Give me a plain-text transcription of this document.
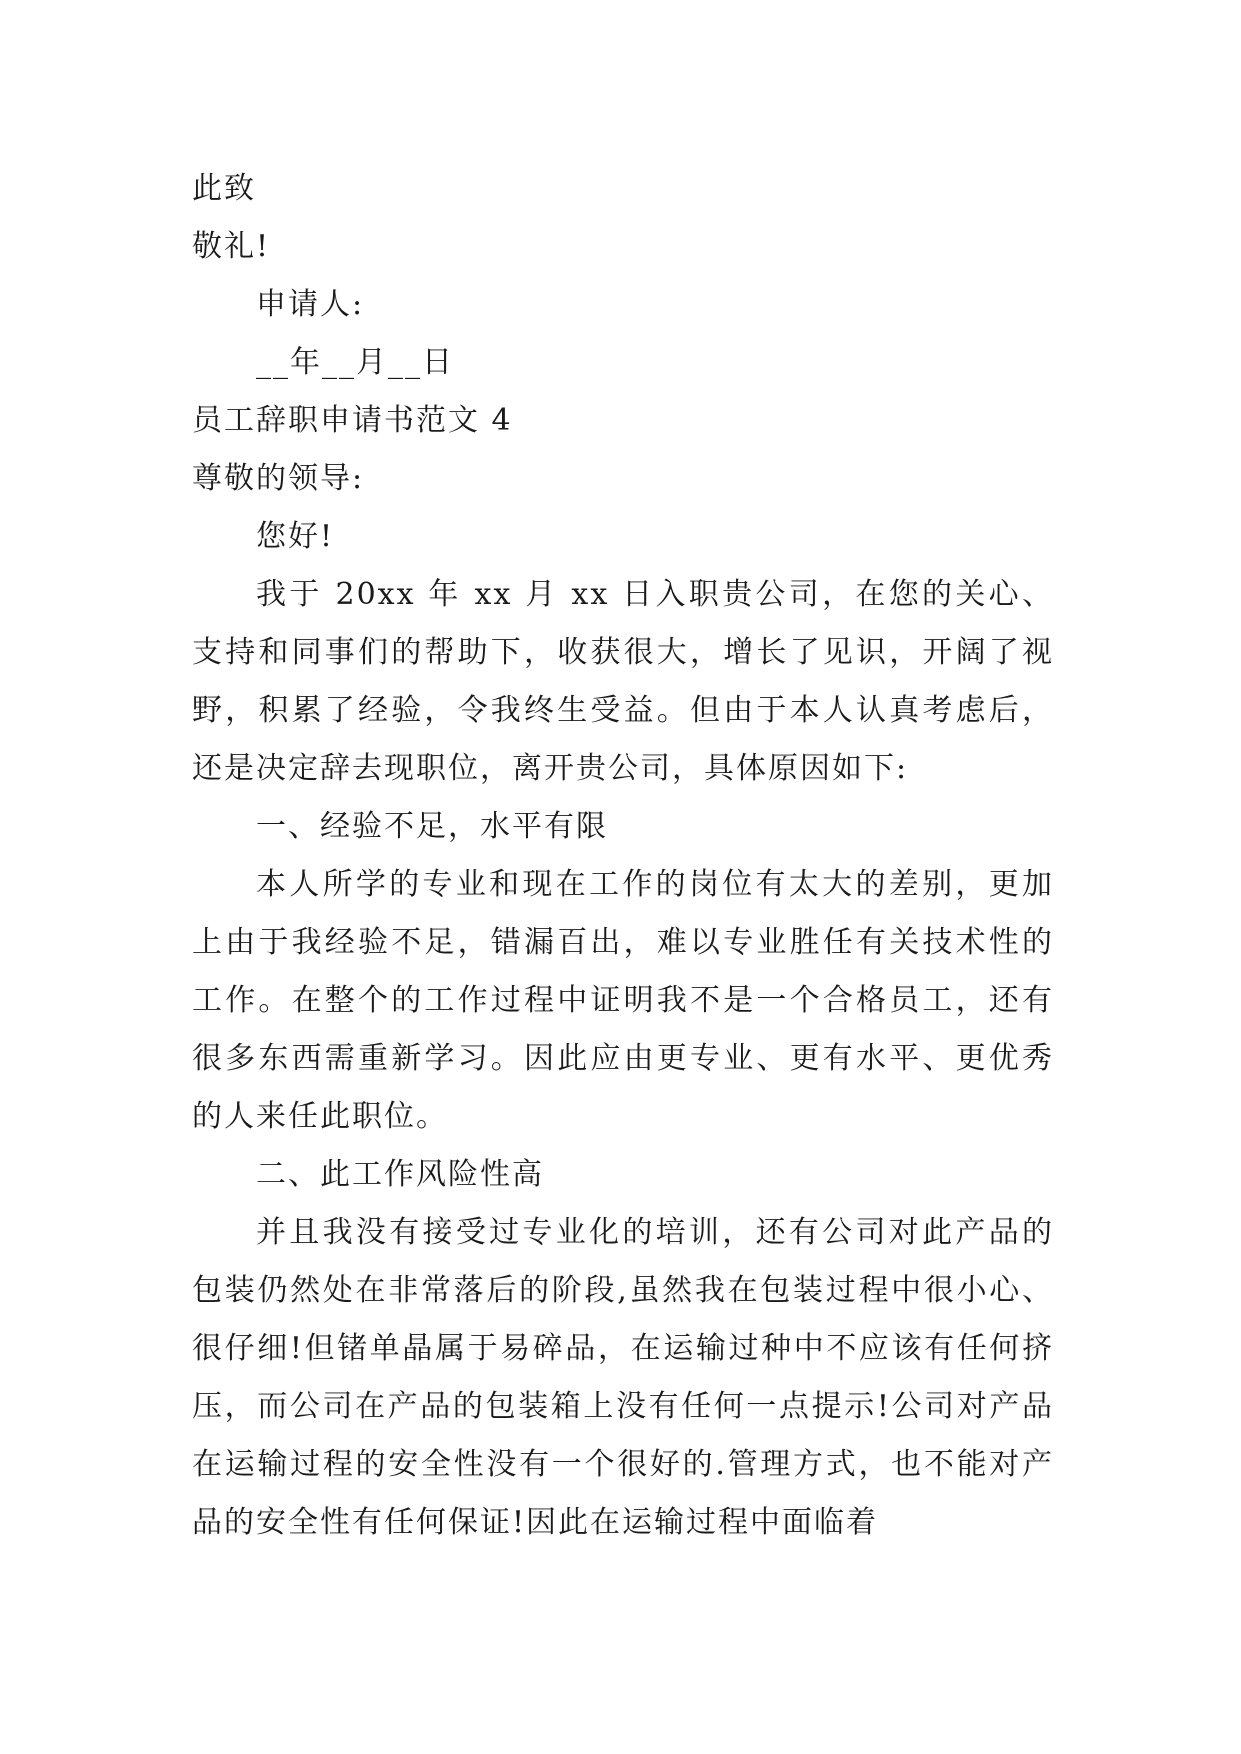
此致
敬礼!
申请人:
__年__月__日
员工辞职申请书范文 4
尊敬的领导:
您好!

我于 20xx 年 xx 月 xx 日入职贵公司，在您的关心、支持和同事们的帮助下，收获很大，增长了见识，开阔了视野，积累了经验，令我终生受益。但由于本人认真考虑后，还是决定辞去现职位，离开贵公司，具体原因如下:

一、经验不足，水平有限

本人所学的专业和现在工作的岗位有太大的差别，更加上由于我经验不足，错漏百出，难以专业胜任有关技术性的工作。在整个的工作过程中证明我不是一个合格员工，还有很多东西需重新学习。因此应由更专业、更有水平、更优秀的人来任此职位。

二、此工作风险性高

并且我没有接受过专业化的培训，还有公司对此产品的包装仍然处在非常落后的阶段,虽然我在包装过程中很小心、很仔细!但锗单晶属于易碎品，在运输过种中不应该有任何挤压，而公司在产品的包装箱上没有任何一点提示!公司对产品在运输过程的安全性没有一个很好的.管理方式，也不能对产品的安全性有任何保证!因此在运输过程中面临着
